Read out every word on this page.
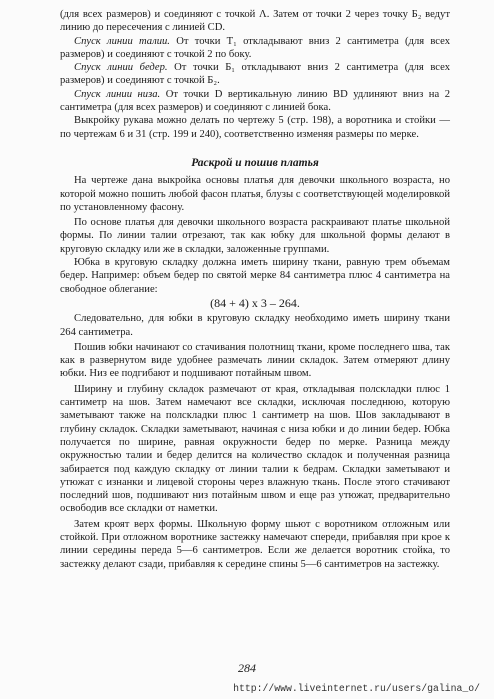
(для всех размеров) и соединяют с точкой Λ. Затем от точки 2 через точку Б₂ ведут линию до пересечения с линией CD.

Спуск линии талии. От точки T₁ откладывают вниз 2 сантиметра (для всех размеров) и соединяют с точкой 2 по боку.

Спуск линии бедер. От точки Б₁ откладывают вниз 2 сантиметра (для всех размеров) и соединяют с точкой Б₂.

Спуск линии низа. От точки D вертикальную линию BD удлиняют вниз на 2 сантиметра (для всех размеров) и соединяют с линией бока.

Выкройку рукава можно делать по чертежу 5 (стр. 198), а воротника и стойки — по чертежам 6 и 31 (стр. 199 и 240), соответственно изменяя размеры по мерке.

Раскрой и пошив платья

На чертеже дана выкройка основы платья для девочки школьного возраста, но которой можно пошить любой фасон платья, блузы с соответствующей моделировкой по установленному фасону.

По основе платья для девочки школьного возраста раскраивают платье школьной формы. По линии талии отрезают, так как юбку для школьной формы делают в круговую складку или же в складки, заложенные группами.

Юбка в круговую складку должна иметь ширину ткани, равную трем объемам бедер. Например: объем бедер по святой мерке 84 сантиметра плюс 4 сантиметра на свободное облегание:

(84 + 4) x 3 – 264.

Следовательно, для юбки в круговую складку необходимо иметь ширину ткани 264 сантиметра.

Пошив юбки начинают со стачивания полотнищ ткани, кроме последнего шва, так как в развернутом виде удобнее размечать линии складок. Затем отмеряют длину юбки. Низ ее подгибают и подшивают потайным швом.

Ширину и глубину складок размечают от края, откладывая полскладки плюс 1 сантиметр на шов. Затем намечают все складки, исключая последнюю, которую заметывают также на полскладки плюс 1 сантиметр на шов. Шов закладывают в глубину складок. Складки заметывают, начиная с низа юбки и до линии бедер. Юбка получается по ширине, равная окружности бедер по мерке. Разница между окружностью талии и бедер делится на количество складок и полученная разница забирается под каждую складку от линии талии к бедрам. Складки заметывают и утюжат с изнанки и лицевой стороны через влажную ткань. После этого стачивают последний шов, подшивают низ потайным швом и еще раз утюжат, предварительно освободив все складки от наметки.

Затем кроят верх формы. Школьную форму шьют с воротником отложным или стойкой. При отложном воротнике застежку намечают спереди, прибавляя при крое к линии середины переда 5—6 сантиметров. Если же делается воротник стойка, то застежку делают сзади, прибавляя к середине спины 5—6 сантиметров на застежку.

284
http://www.liveinternet.ru/users/galina_o/
